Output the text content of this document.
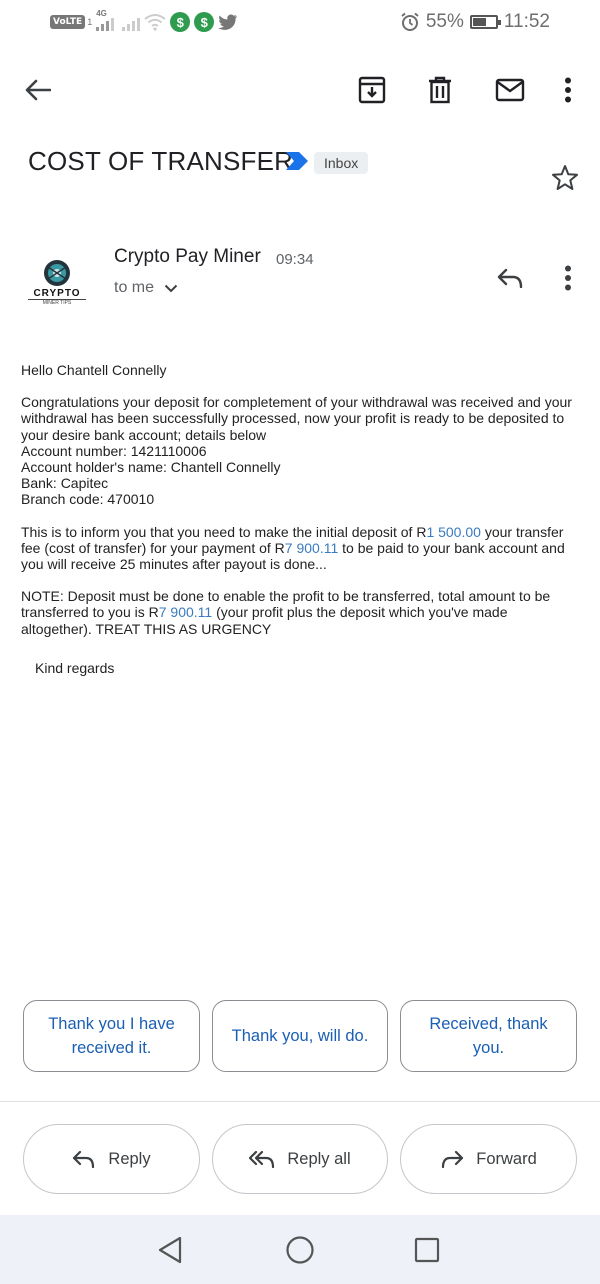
VoLTE 1
4G
$	$	55% 11:52
COST OF TRANSFER	Inbox
CRYPTO
MINER TIPS
Crypto Pay Miner 09:34
to me

Hello Chantell Connelly

Congratulations your deposit for completement of your withdrawal was received and your withdrawal has been successfully processed, now your profit is ready to be deposited to your desire bank account; details below
Account number: 1421110006
Account holder's name: Chantell Connelly
Bank: Capitec
Branch code: 470010

This is to inform you that you need to make the initial deposit of R1 500.00 your transfer fee (cost of transfer) for your payment of R7 900.11 to be paid to your bank account and you will receive 25 minutes after payout is done...

NOTE: Deposit must be done to enable the profit to be transferred, total amount to be transferred to you is R7 900.11 (your profit plus the deposit which you've made altogether). TREAT THIS AS URGENCY

Kind regards
Thank you I have received it.
Thank you, will do.
Received, thank you.
Reply	Reply all	Forward
